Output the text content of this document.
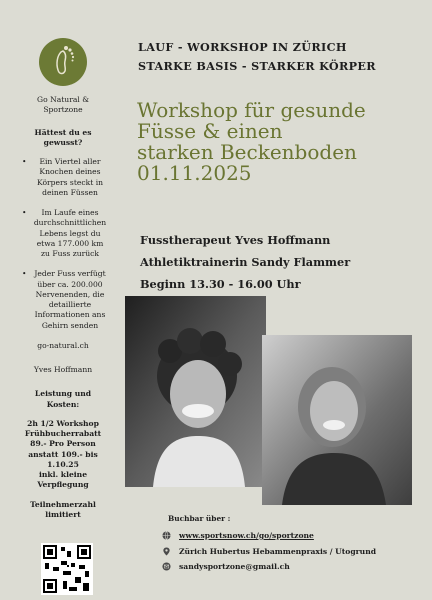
LAUF - WORKSHOP IN ZÜRICH
STARKE BASIS - STARKER KÖRPER
Workshop für gesunde
Füsse & einen
starken Beckenboden
01.11.2025
Fusstherapeut Yves Hoffmann
Athletiktrainerin Sandy Flammer
Beginn 13.30 - 16.00 Uhr
Go Natural &
Sportzone
Hättest du es
gewusst?
• Ein Viertel aller
Knochen deines
Körpers steckt in
deinen Füssen
• Im Laufe eines
durchschnittlichen
Lebens legst du
etwa 177.000 km
zu Fuss zurück
• Jeder Fuss verfügt
über ca. 200.000
Nervenenden, die
detaillierte
Informationen ans
Gehirn senden
go-natural.ch
Yves Hoffmann
Leistung und
Kosten:
2h 1/2 Workshop
Frühbucherrabatt
89.- Pro Person
anstatt 109.- bis
1.10.25
inkl. kleine
Verpflegung
Teilnehmerzahl
limitiert	Buchbar über :
www.sportsnow.ch/go/sportzone
Zürich Hubertus Hebammenpraxis / Utogrund
sandysportzone@gmail.ch
